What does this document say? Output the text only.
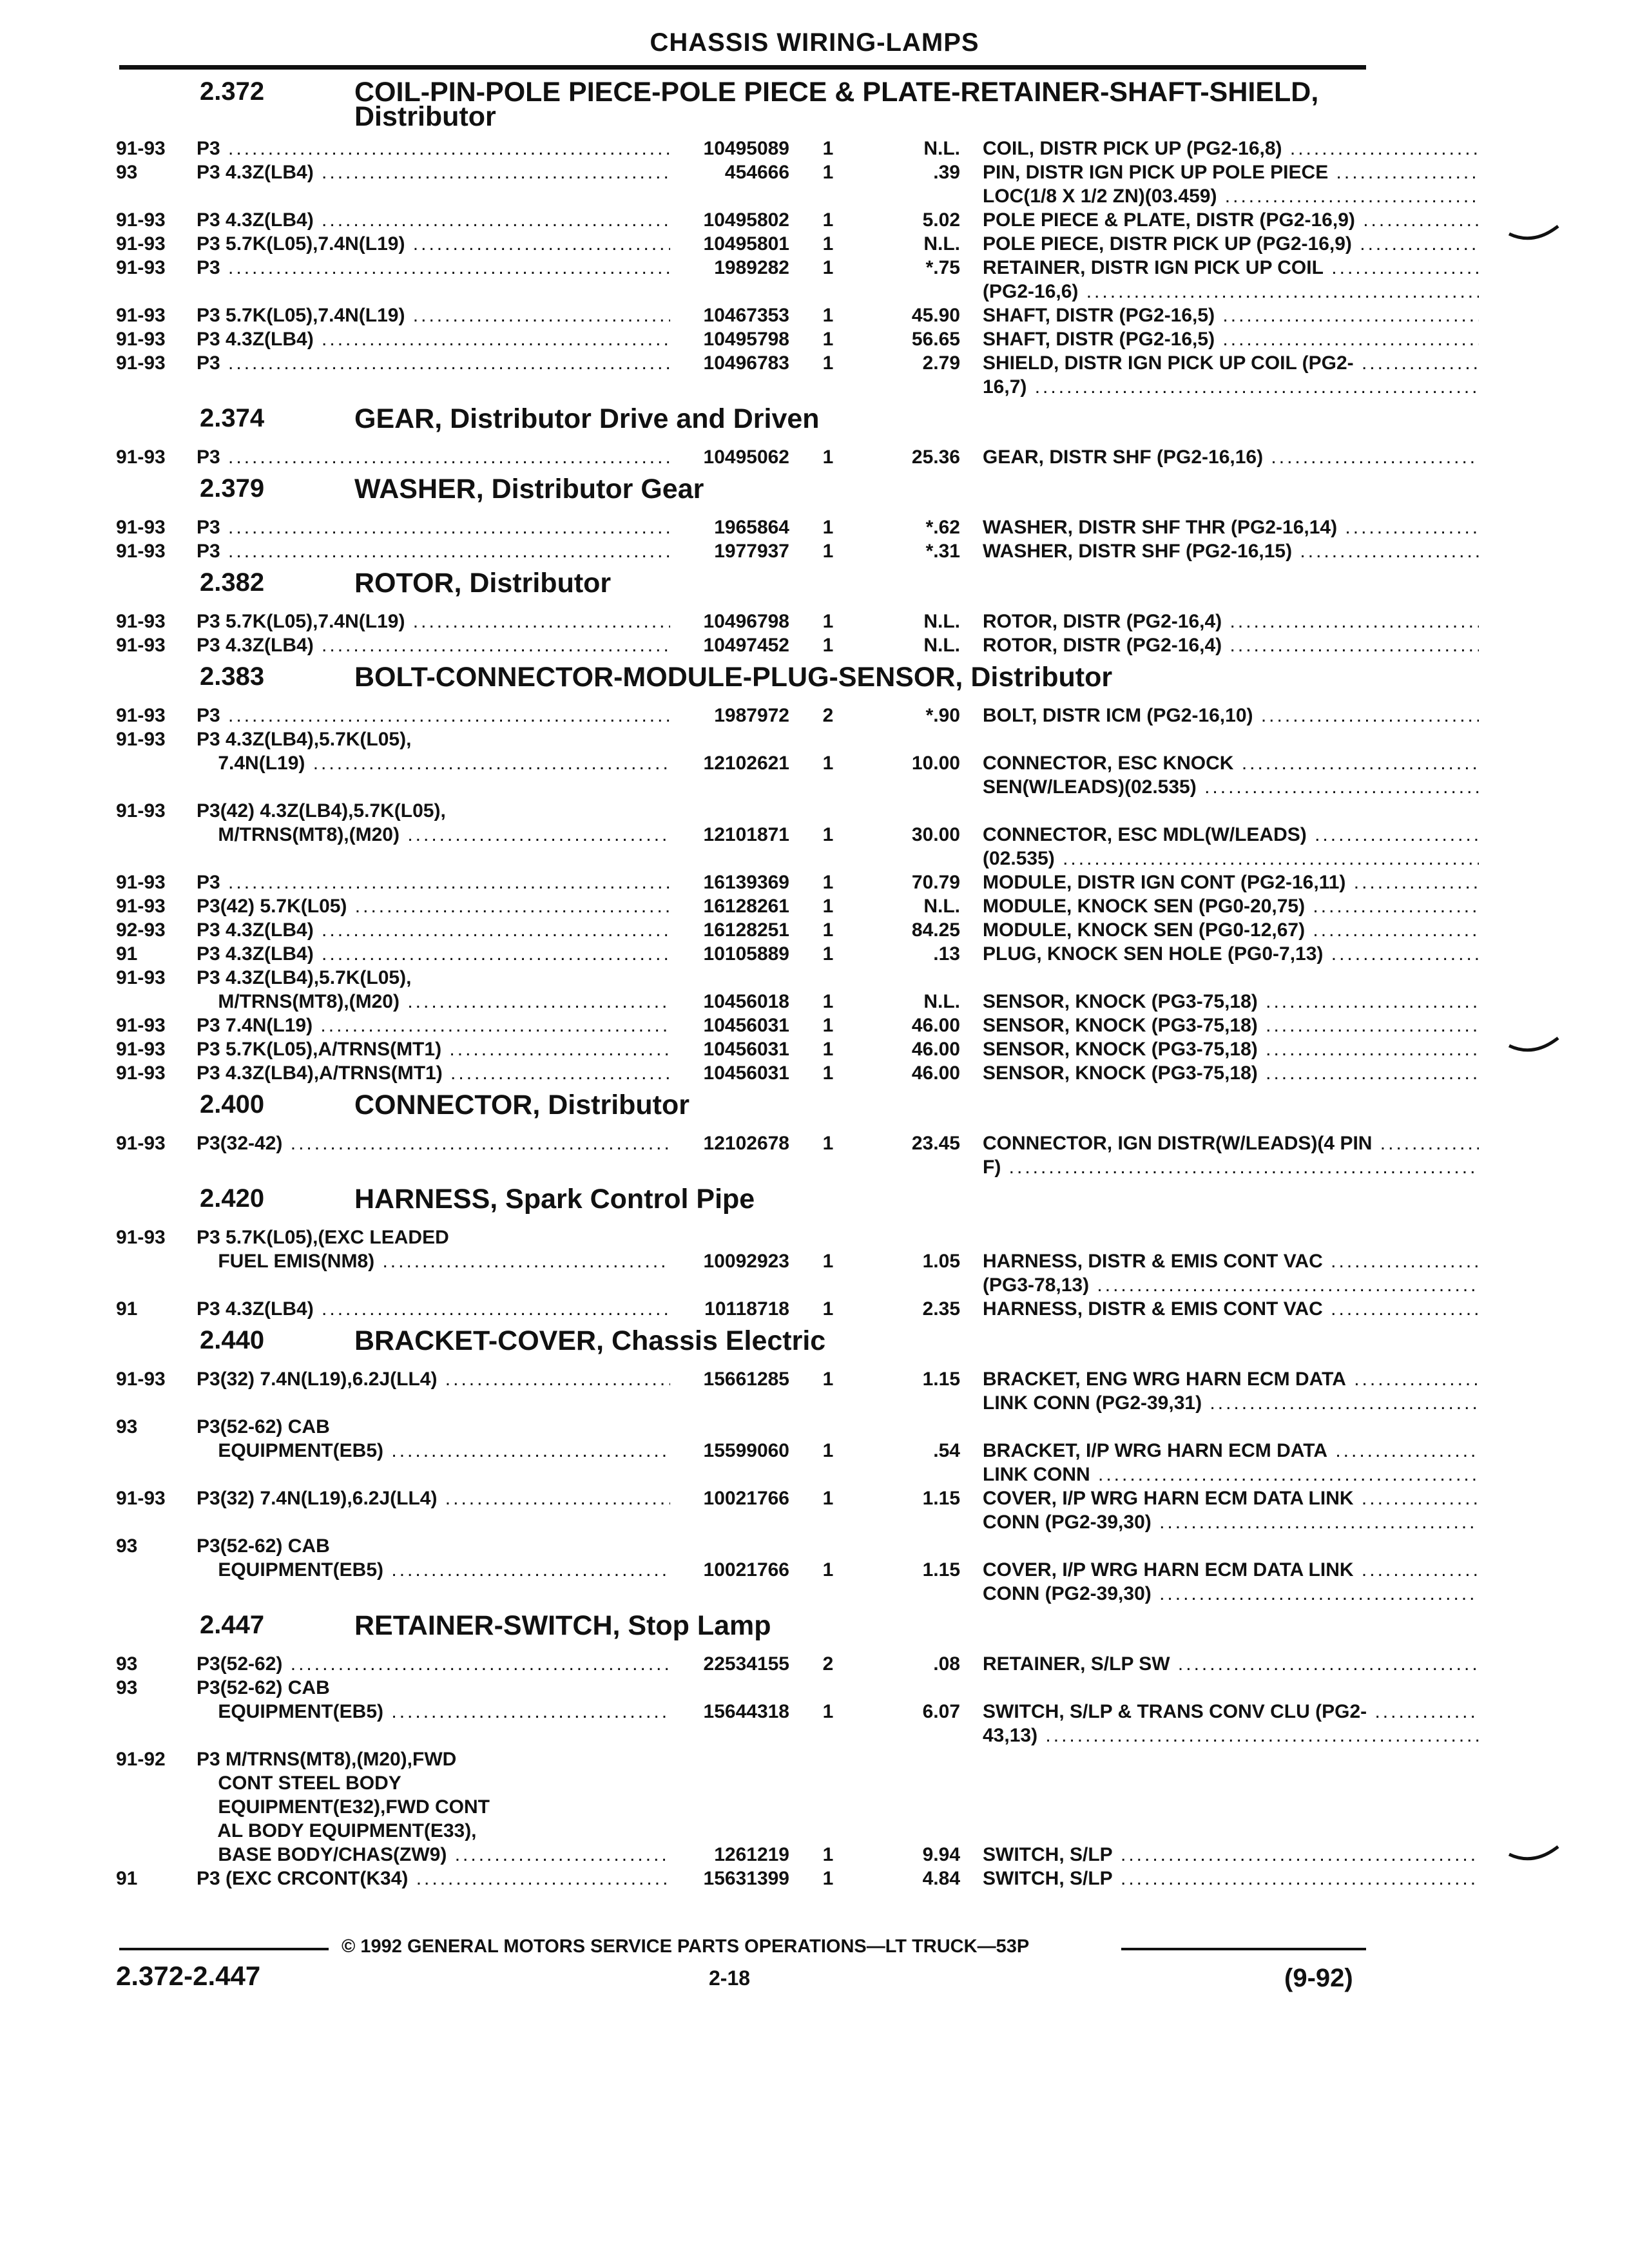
CHASSIS WIRING-LAMPS
2.372	COIL-PIN-POLE PIECE-POLE PIECE & PLATE-RETAINER-SHAFT-SHIELD, Distributor
91-93	P3 .....	10495089	1	N.L. COIL, DISTR PICK UP (PG2-16,8) .....
93	P3 4.3Z(LB4) .....	454666	1	.39 PIN, DISTR IGN PICK UP POLE PIECE .....
LOC(1/8 X 1/2 ZN)(03.459) .....
91-93	P3 4.3Z(LB4) .....	10495802	1	5.02 POLE PIECE & PLATE, DISTR (PG2-16,9) .....
91-93	P3 5.7K(L05),7.4N(L19) .....	10495801	1	N.L. POLE PIECE, DISTR PICK UP (PG2-16,9) .....
91-93	P3 .....	1989282	1	*.75 RETAINER, DISTR IGN PICK UP COIL .....
(PG2-16,6) .....
91-93	P3 5.7K(L05),7.4N(L19) .....	10467353	1	45.90 SHAFT, DISTR (PG2-16,5) .....
91-93	P3 4.3Z(LB4) .....	10495798	1	56.65 SHAFT, DISTR (PG2-16,5) .....
91-93	P3 .....	10496783	1	2.79 SHIELD, DISTR IGN PICK UP COIL (PG2- .....
16,7) .....
2.374	GEAR, Distributor Drive and Driven
91-93	P3 .....	10495062	1	25.36 GEAR, DISTR SHF (PG2-16,16) .....
2.379	WASHER, Distributor Gear
91-93	P3 .....	1965864	1	*.62 WASHER, DISTR SHF THR (PG2-16,14) .....
91-93	P3 .....	1977937	1	*.31 WASHER, DISTR SHF (PG2-16,15) .....
2.382	ROTOR, Distributor
91-93	P3 5.7K(L05),7.4N(L19) .....	10496798	1	N.L. ROTOR, DISTR (PG2-16,4) .....
91-93	P3 4.3Z(LB4) .....	10497452	1	N.L. ROTOR, DISTR (PG2-16,4) .....
2.383	BOLT-CONNECTOR-MODULE-PLUG-SENSOR, Distributor
91-93	P3 .....	1987972	2	*.90 BOLT, DISTR ICM (PG2-16,10) .....
91-93	P3 4.3Z(LB4),5.7K(L05),
7.4N(L19) .....	12102621	1	10.00 CONNECTOR, ESC KNOCK .....
SEN(W/LEADS)(02.535) .....
91-93	P3(42) 4.3Z(LB4),5.7K(L05),
M/TRNS(MT8),(M20) .....	12101871	1	30.00 CONNECTOR, ESC MDL(W/LEADS) .....
(02.535) .....
91-93	P3 .....	16139369	1	70.79 MODULE, DISTR IGN CONT (PG2-16,11) .....
91-93	P3(42) 5.7K(L05) .....	16128261	1	N.L. MODULE, KNOCK SEN (PG0-20,75) .....
92-93	P3 4.3Z(LB4) .....	16128251	1	84.25 MODULE, KNOCK SEN (PG0-12,67) .....
91	P3 4.3Z(LB4) .....	10105889	1	.13 PLUG, KNOCK SEN HOLE (PG0-7,13) .....
91-93	P3 4.3Z(LB4),5.7K(L05),
M/TRNS(MT8),(M20) .....	10456018	1	N.L. SENSOR, KNOCK (PG3-75,18) .....
91-93	P3 7.4N(L19) .....	10456031	1	46.00 SENSOR, KNOCK (PG3-75,18) .....
91-93	P3 5.7K(L05),A/TRNS(MT1) .....	10456031	1	46.00 SENSOR, KNOCK (PG3-75,18) .....
91-93	P3 4.3Z(LB4),A/TRNS(MT1) .....	10456031	1	46.00 SENSOR, KNOCK (PG3-75,18) .....
2.400	CONNECTOR, Distributor
91-93	P3(32-42) .....	12102678	1	23.45 CONNECTOR, IGN DISTR(W/LEADS)(4 PIN .....
F) .....
2.420	HARNESS, Spark Control Pipe
91-93	P3 5.7K(L05),(EXC LEADED
FUEL EMIS(NM8) .....	10092923	1	1.05 HARNESS, DISTR & EMIS CONT VAC .....
(PG3-78,13) .....
91	P3 4.3Z(LB4) .....	10118718	1	2.35 HARNESS, DISTR & EMIS CONT VAC .....
2.440	BRACKET-COVER, Chassis Electric
91-93	P3(32) 7.4N(L19),6.2J(LL4) .....	15661285	1	1.15 BRACKET, ENG WRG HARN ECM DATA .....
LINK CONN (PG2-39,31) .....
93	P3(52-62) CAB
EQUIPMENT(EB5) .....	15599060	1	.54 BRACKET, I/P WRG HARN ECM DATA .....
LINK CONN .....
91-93	P3(32) 7.4N(L19),6.2J(LL4) .....	10021766	1	1.15 COVER, I/P WRG HARN ECM DATA LINK .....
CONN (PG2-39,30) .....
93	P3(52-62) CAB
EQUIPMENT(EB5) .....	10021766	1	1.15 COVER, I/P WRG HARN ECM DATA LINK .....
CONN (PG2-39,30) .....
2.447	RETAINER-SWITCH, Stop Lamp
93	P3(52-62) .....	22534155	2	.08 RETAINER, S/LP SW .....
93	P3(52-62) CAB
EQUIPMENT(EB5) .....	15644318	1	6.07 SWITCH, S/LP & TRANS CONV CLU (PG2- .....
43,13) .....
91-92	P3 M/TRNS(MT8),(M20),FWD
CONT STEEL BODY
EQUIPMENT(E32),FWD CONT
AL BODY EQUIPMENT(E33),
BASE BODY/CHAS(ZW9) .....	1261219	1	9.94 SWITCH, S/LP .....
91	P3 (EXC CRCONT(K34) .....	15631399	1	4.84 SWITCH, S/LP .....
© 1992 GENERAL MOTORS SERVICE PARTS OPERATIONS—LT TRUCK—53P
2.372-2.447	2-18	(9-92)
